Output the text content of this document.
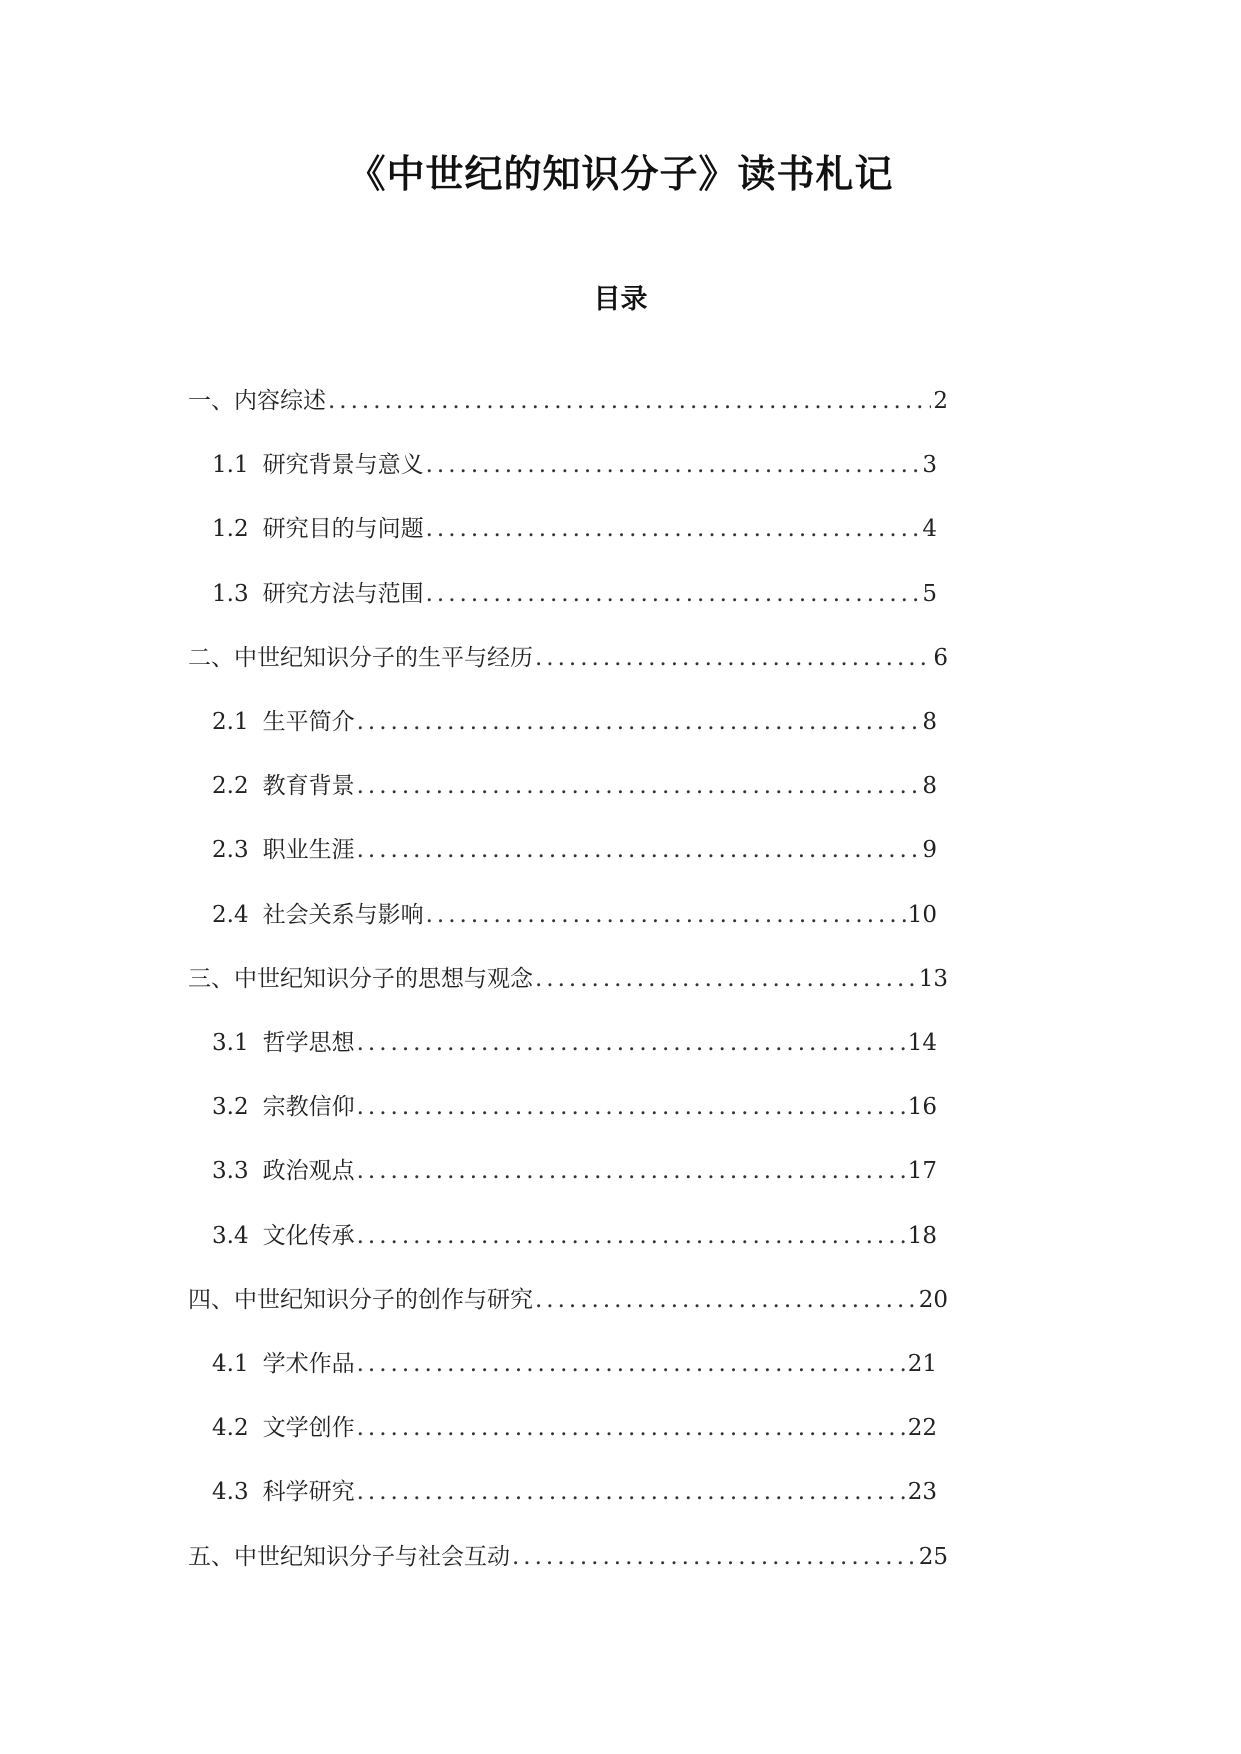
《中世纪的知识分子》读书札记
目录
一、内容综述 .....	2
1.1 研究背景与意义 .....	3
1.2 研究目的与问题 .....	4
1.3 研究方法与范围 .....	5
二、中世纪知识分子的生平与经历 .....	6
2.1 生平简介 .....	8
2.2 教育背景 .....	8
2.3 职业生涯 .....	9
2.4 社会关系与影响 .....	10
三、中世纪知识分子的思想与观念 .....	13
3.1 哲学思想 .....	14
3.2 宗教信仰 .....	16
3.3 政治观点 .....	17
3.4 文化传承 .....	18
四、中世纪知识分子的创作与研究 .....	20
4.1 学术作品 .....	21
4.2 文学创作 .....	22
4.3 科学研究 .....	23
五、中世纪知识分子与社会互动 .....	25
